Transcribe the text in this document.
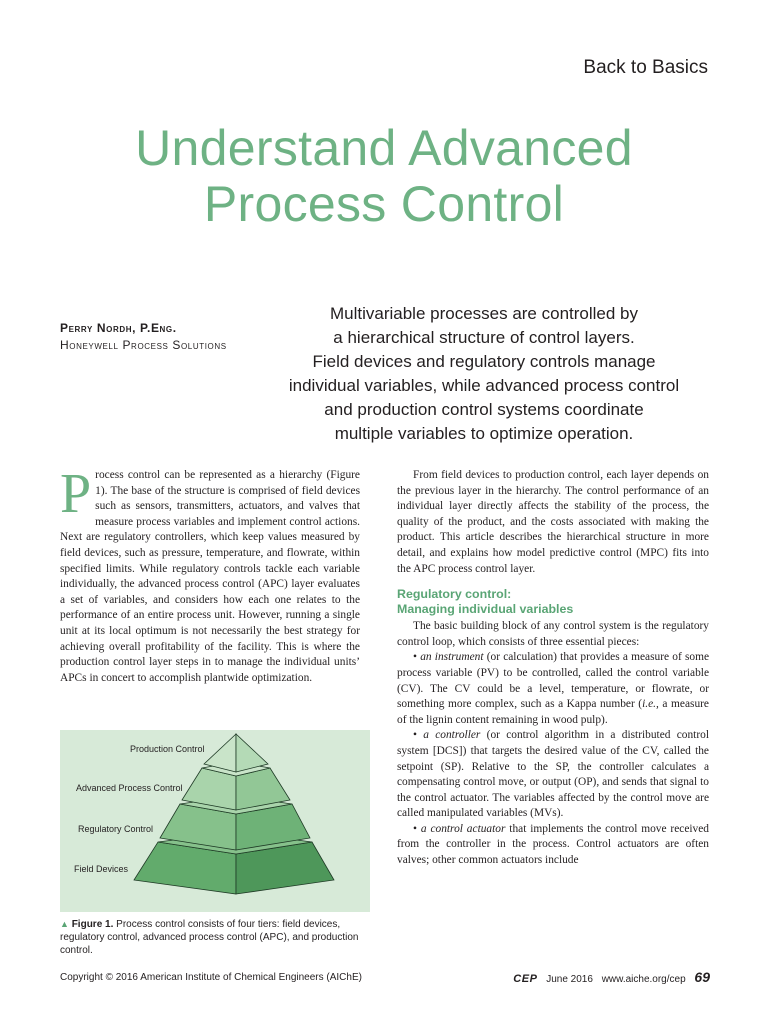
Back to Basics
Understand Advanced
Process Control
Perry Nordh, P.Eng.
Honeywell Process Solutions
Multivariable processes are controlled by
a hierarchical structure of control layers.
Field devices and regulatory controls manage
individual variables, while advanced process control
and production control systems coordinate
multiple variables to optimize operation.

Process control can be represented as a hierarchy (Figure 1). The base of the structure is comprised of field devices such as sensors, transmitters, actuators, and valves that measure process variables and implement control actions. Next are regulatory controllers, which keep values measured by field devices, such as pressure, temperature, and flowrate, within specified limits. While regulatory controls tackle each variable individually, the advanced process control (APC) layer evaluates a set of variables, and considers how each one relates to the performance of an entire process unit. However, running a single unit at its local optimum is not necessarily the best strategy for achieving overall profitability of the facility. This is where the production control layer steps in to manage the individual units’ APCs in concert to accomplish plantwide optimization.

Production Control
Advanced Process Control
Regulatory Control
Field Devices
▲ Figure 1. Process control consists of four tiers: field devices, regulatory control, advanced process control (APC), and production control.

From field devices to production control, each layer depends on the previous layer in the hierarchy. The control performance of an individual layer directly affects the stability of the process, the quality of the product, and the costs associated with making the product. This article describes the hierarchical structure in more detail, and explains how model predictive control (MPC) fits into the APC process control layer.

Regulatory control:
Managing individual variables

The basic building block of any control system is the regulatory control loop, which consists of three essential pieces:

• an instrument (or calculation) that provides a measure of some process variable (PV) to be controlled, called the control variable (CV). The CV could be a level, temperature, or flowrate, or something more complex, such as a Kappa number (i.e., a measure of the lignin content remaining in wood pulp).

• a controller (or control algorithm in a distributed control system [DCS]) that targets the desired value of the CV, called the setpoint (SP). Relative to the SP, the controller calculates a compensating control move, or output (OP), and sends that signal to the control actuator. The variables affected by the control move are called manipulated variables (MVs).

• a control actuator that implements the control move received from the controller in the process. Control actuators are often valves; other common actuators include

Copyright © 2016 American Institute of Chemical Engineers (AIChE)	CEP June 2016 www.aiche.org/cep 69
